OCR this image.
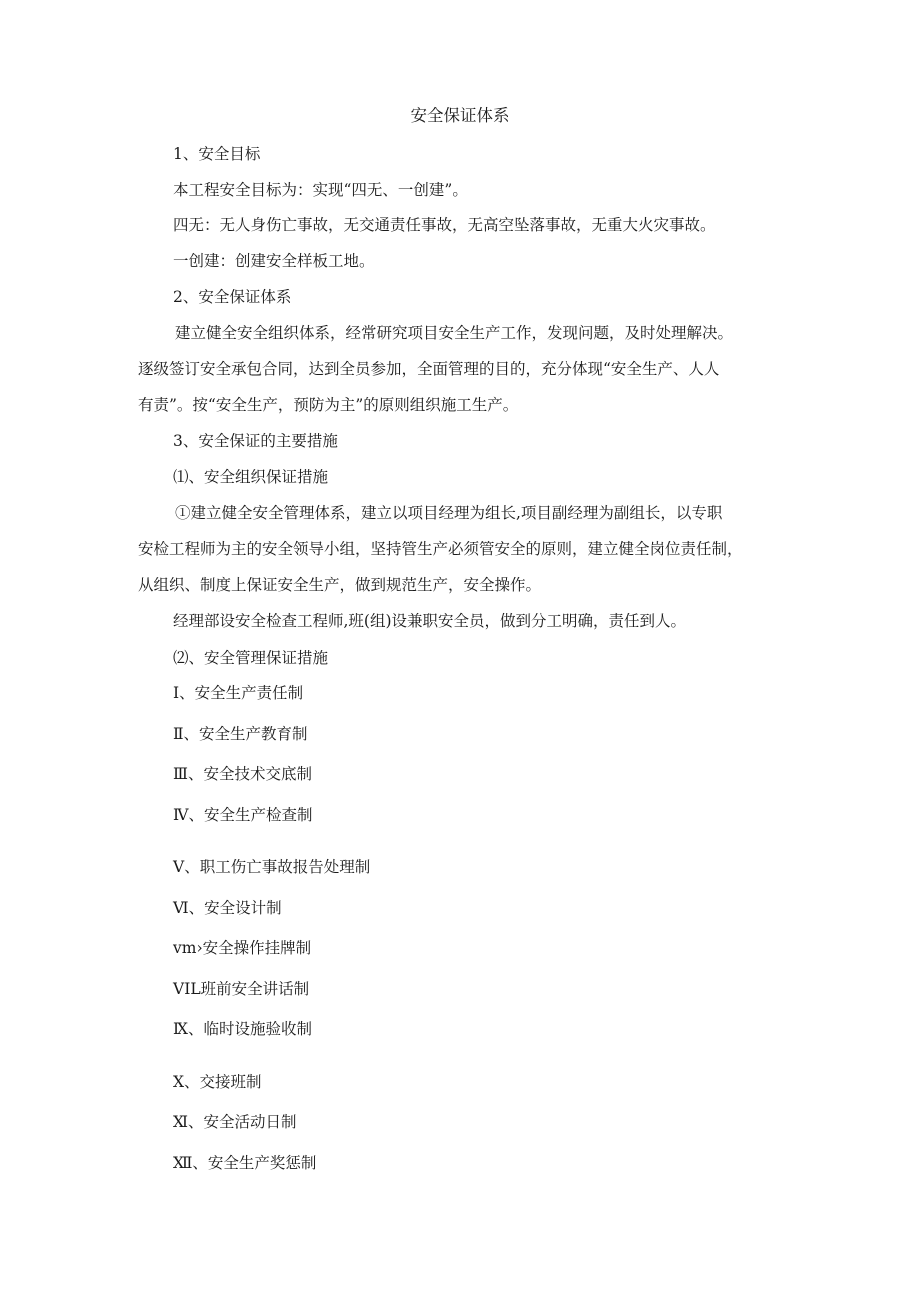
安全保证体系
1、安全目标
本工程安全目标为：实现“四无、一创建”。
四无：无人身伤亡事故，无交通责任事故，无高空坠落事故，无重大火灾事故。
一创建：创建安全样板工地。
2、安全保证体系
建立健全安全组织体系，经常研究项目安全生产工作，发现问题，及时处理解决。
逐级签订安全承包合同，达到全员参加，全面管理的目的，充分体现“安全生产、人人
有责”。按“安全生产，预防为主”的原则组织施工生产。
3、安全保证的主要措施
⑴、安全组织保证措施
①建立健全安全管理体系，建立以项目经理为组长,项目副经理为副组长，以专职
安检工程师为主的安全领导小组，坚持管生产必须管安全的原则，建立健全岗位责任制，
从组织、制度上保证安全生产，做到规范生产，安全操作。
经理部设安全检查工程师,班(组)设兼职安全员，做到分工明确，责任到人。
⑵、安全管理保证措施
Ⅰ、安全生产责任制
Ⅱ、安全生产教育制
Ⅲ、安全技术交底制
Ⅳ、安全生产检查制
Ⅴ、职工伤亡事故报告处理制
Ⅵ、安全设计制
vm›安全操作挂牌制
VIL班前安全讲话制
Ⅸ、临时设施验收制
Ⅹ、交接班制
Ⅺ、安全活动日制
Ⅻ、安全生产奖惩制
